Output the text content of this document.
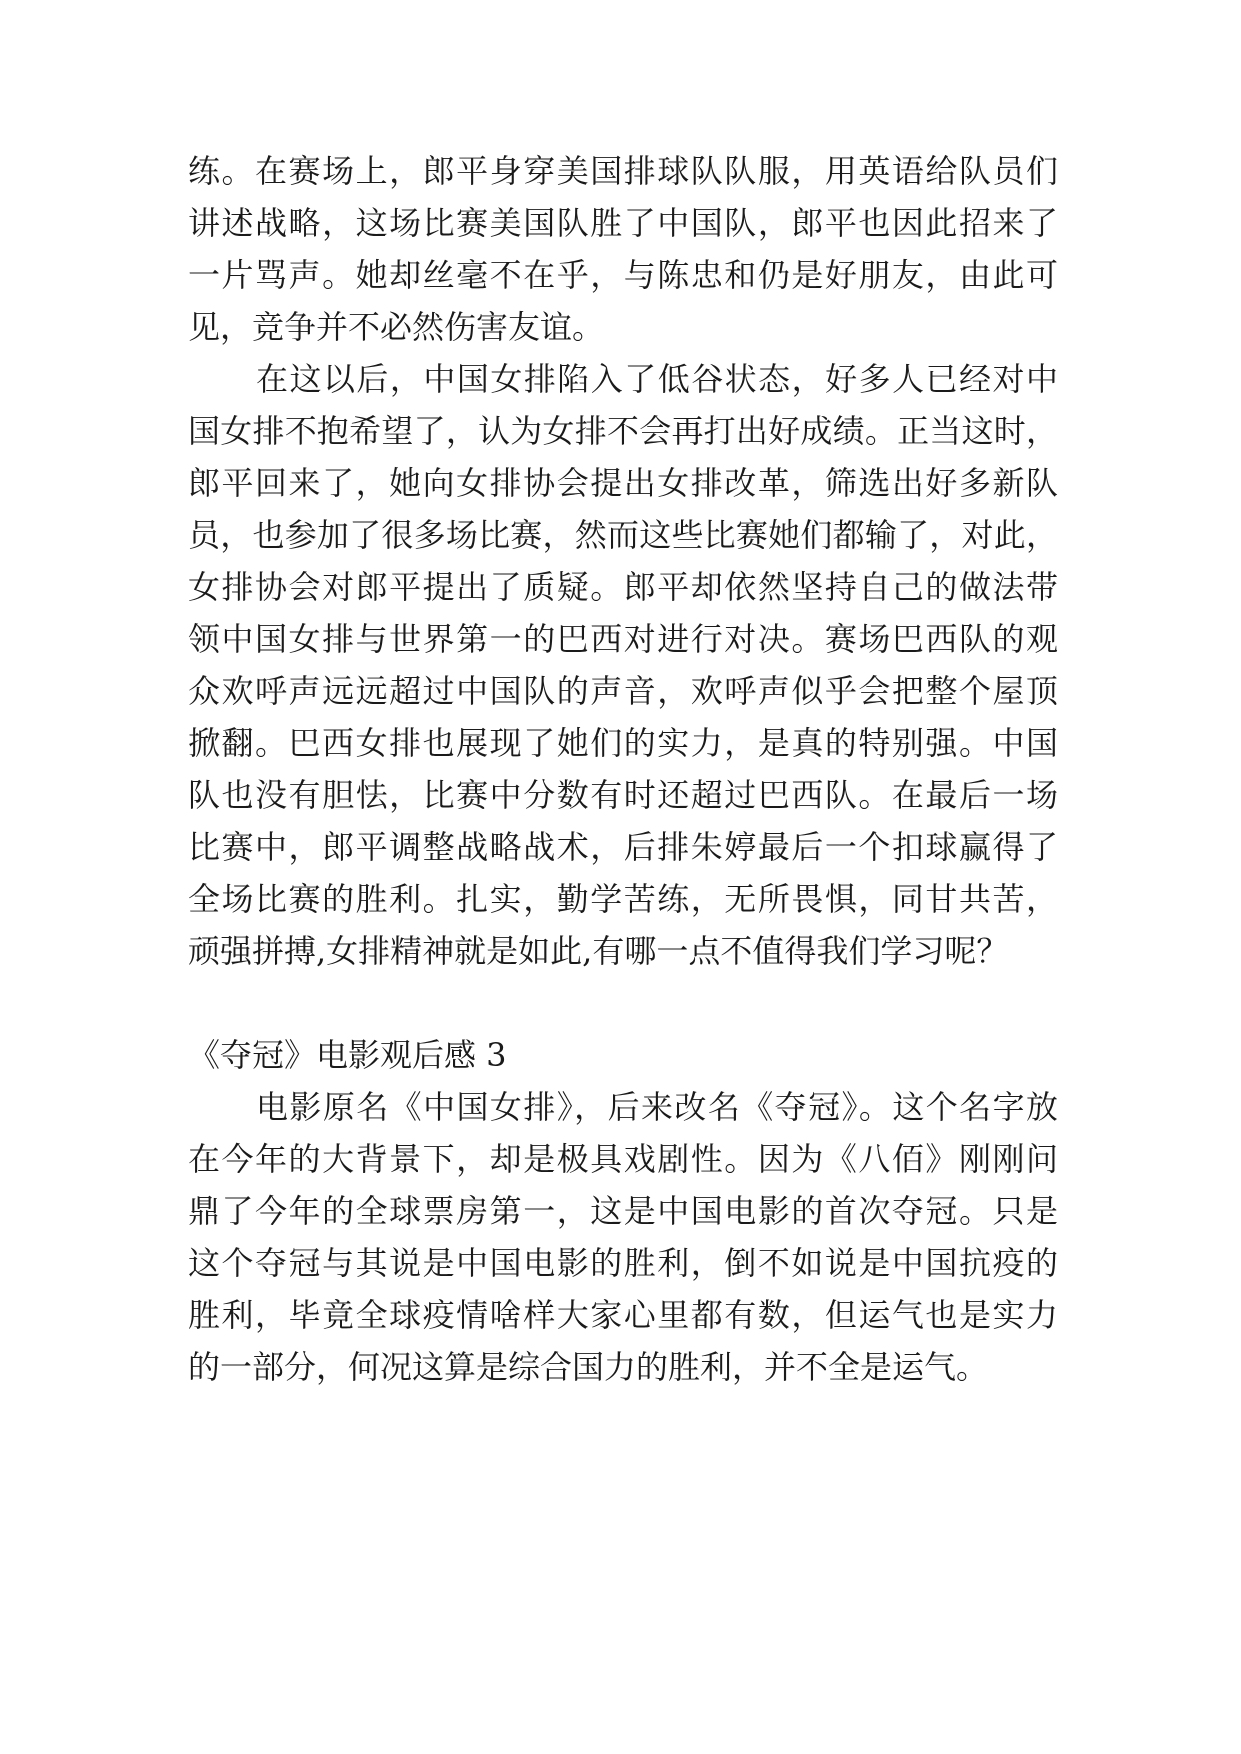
练。在赛场上，郎平身穿美国排球队队服，用英语给队员们
讲述战略，这场比赛美国队胜了中国队，郎平也因此招来了
一片骂声。她却丝毫不在乎，与陈忠和仍是好朋友，由此可
见，竞争并不必然伤害友谊。
在这以后，中国女排陷入了低谷状态，好多人已经对中
国女排不抱希望了，认为女排不会再打出好成绩。正当这时，
郎平回来了，她向女排协会提出女排改革，筛选出好多新队
员，也参加了很多场比赛，然而这些比赛她们都输了，对此，
女排协会对郎平提出了质疑。郎平却依然坚持自己的做法带
领中国女排与世界第一的巴西对进行对决。赛场巴西队的观
众欢呼声远远超过中国队的声音，欢呼声似乎会把整个屋顶
掀翻。巴西女排也展现了她们的实力，是真的特别强。中国
队也没有胆怯，比赛中分数有时还超过巴西队。在最后一场
比赛中，郎平调整战略战术，后排朱婷最后一个扣球赢得了
全场比赛的胜利。扎实，勤学苦练，无所畏惧，同甘共苦，
顽强拼搏,女排精神就是如此,有哪一点不值得我们学习呢？
《夺冠》电影观后感 3
电影原名《中国女排》，后来改名《夺冠》。这个名字放
在今年的大背景下，却是极具戏剧性。因为《八佰》刚刚问
鼎了今年的全球票房第一，这是中国电影的首次夺冠。只是
这个夺冠与其说是中国电影的胜利，倒不如说是中国抗疫的
胜利，毕竟全球疫情啥样大家心里都有数，但运气也是实力
的一部分，何况这算是综合国力的胜利，并不全是运气。
